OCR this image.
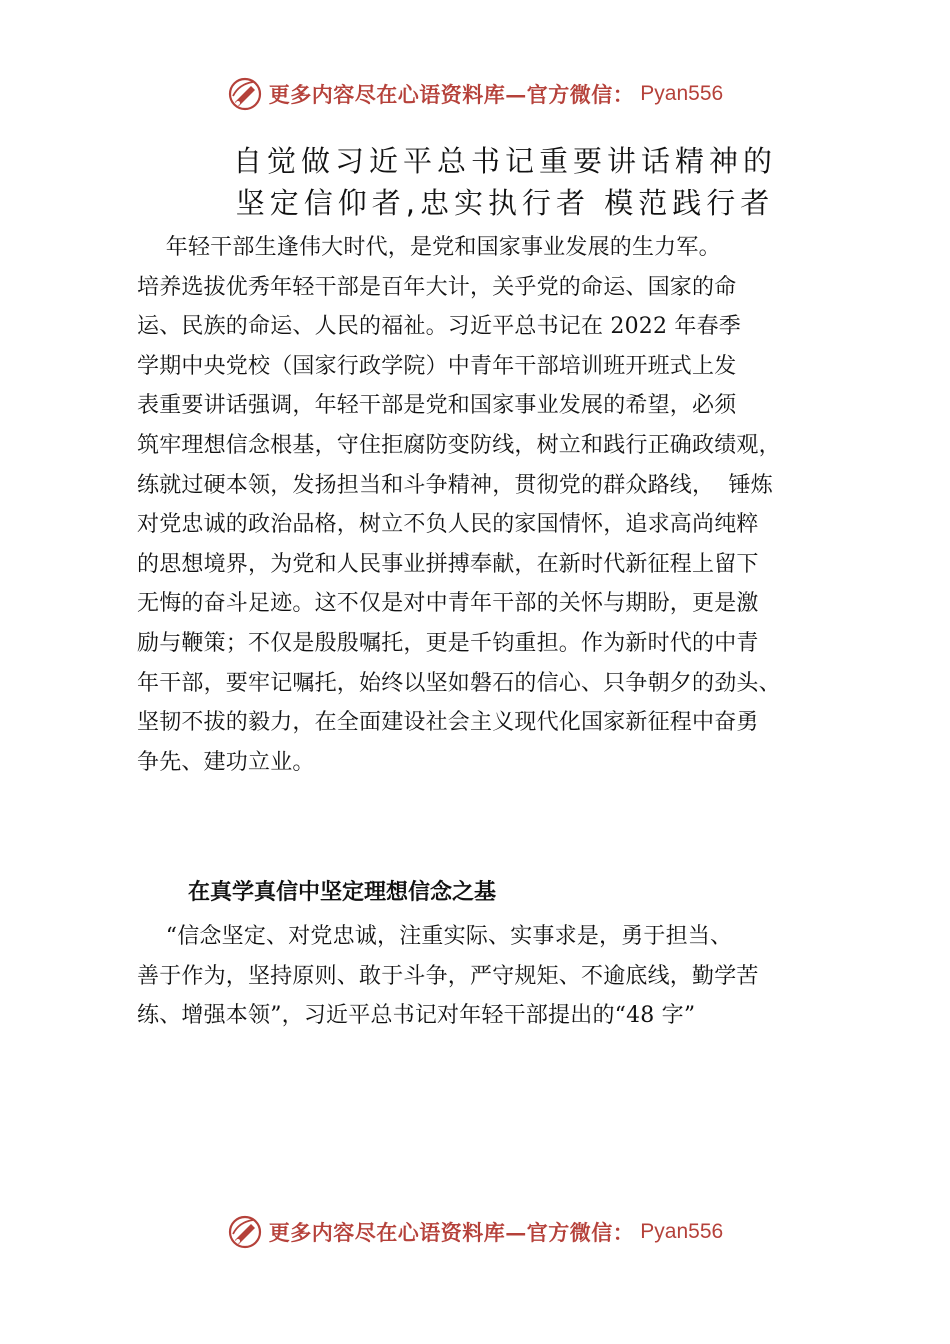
更多内容尽在心语资料库—官方微信： Pyan556
自觉做习近平总书记重要讲话精神的
坚定信仰者,忠实执行者 模范践行者
年轻干部生逢伟大时代，是党和国家事业发展的生力军。
培养选拔优秀年轻干部是百年大计，关乎党的命运、国家的命
运、民族的命运、人民的福祉。习近平总书记在 2022 年春季
学期中央党校（国家行政学院）中青年干部培训班开班式上发
表重要讲话强调，年轻干部是党和国家事业发展的希望，必须
筑牢理想信念根基，守住拒腐防变防线，树立和践行正确政绩观，
练就过硬本领，发扬担当和斗争精神，贯彻党的群众路线，  锤炼
对党忠诚的政治品格，树立不负人民的家国情怀，追求高尚纯粹
的思想境界，为党和人民事业拼搏奉献，在新时代新征程上留下
无悔的奋斗足迹。这不仅是对中青年干部的关怀与期盼，更是激
励与鞭策；不仅是殷殷嘱托，更是千钧重担。作为新时代的中青
年干部，要牢记嘱托，始终以坚如磐石的信心、只争朝夕的劲头、
坚韧不拔的毅力，在全面建设社会主义现代化国家新征程中奋勇
争先、建功立业。
在真学真信中坚定理想信念之基
“信念坚定、对党忠诚，注重实际、实事求是，勇于担当、
善于作为，坚持原则、敢于斗争，严守规矩、不逾底线，勤学苦
练、增强本领”，习近平总书记对年轻干部提出的“48 字”
更多内容尽在心语资料库—官方微信： Pyan556
